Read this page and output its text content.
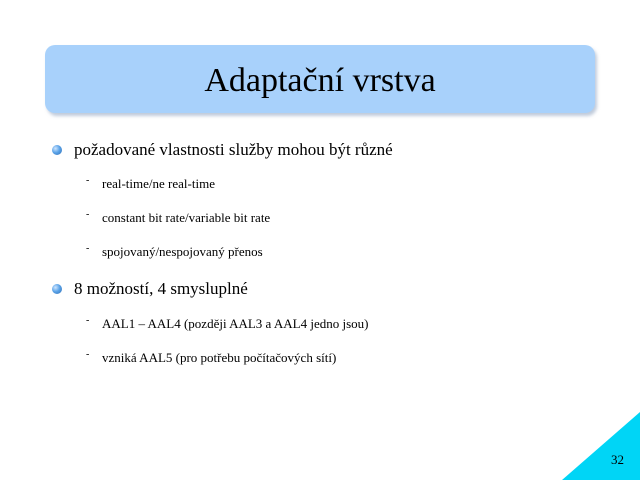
Adaptační vrstva
požadované vlastnosti služby mohou být různé
- real-time/ne real-time
- constant bit rate/variable bit rate
- spojovaný/nespojovaný přenos
8 možností, 4 smysluplné
- AAL1 – AAL4 (později AAL3 a AAL4 jedno jsou)
- vzniká AAL5 (pro potřebu počítačových sítí)
32
